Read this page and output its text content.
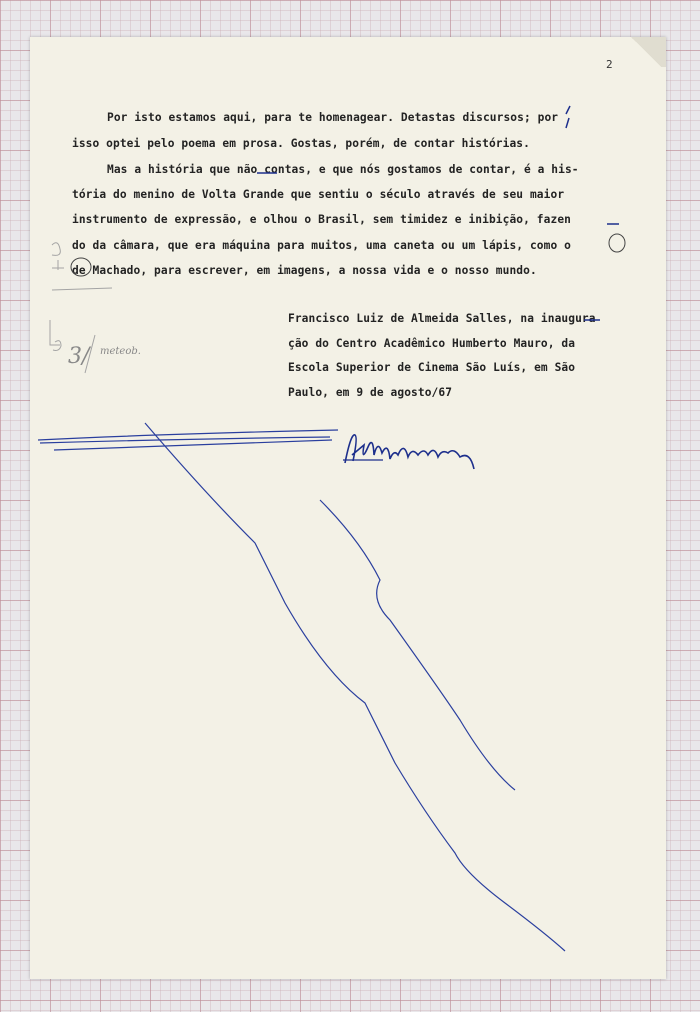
2

Por isto estamos aqui, para te homenagear. Detastas discursos; por

isso optei pelo poema em prosa. Gostas, porém, de contar histórias.

Mas a história que não contas, e que nós gostamos de contar, é a his-

tória do menino de Volta Grande que sentiu o século através de seu maior

instrumento de expressão, e olhou o Brasil, sem timidez e inibição, fazen

do da câmara, que era máquina para muitos, uma caneta ou um lápis, como o

de Machado, para escrever, em imagens, a nossa vida e o nosso mundo.

Francisco Luiz de Almeida Salles, na inaugura

ção do Centro Acadêmico Humberto Mauro, da

Escola Superior de Cinema São Luís, em São

Paulo, em 9 de agosto/67

3/ meteob.
